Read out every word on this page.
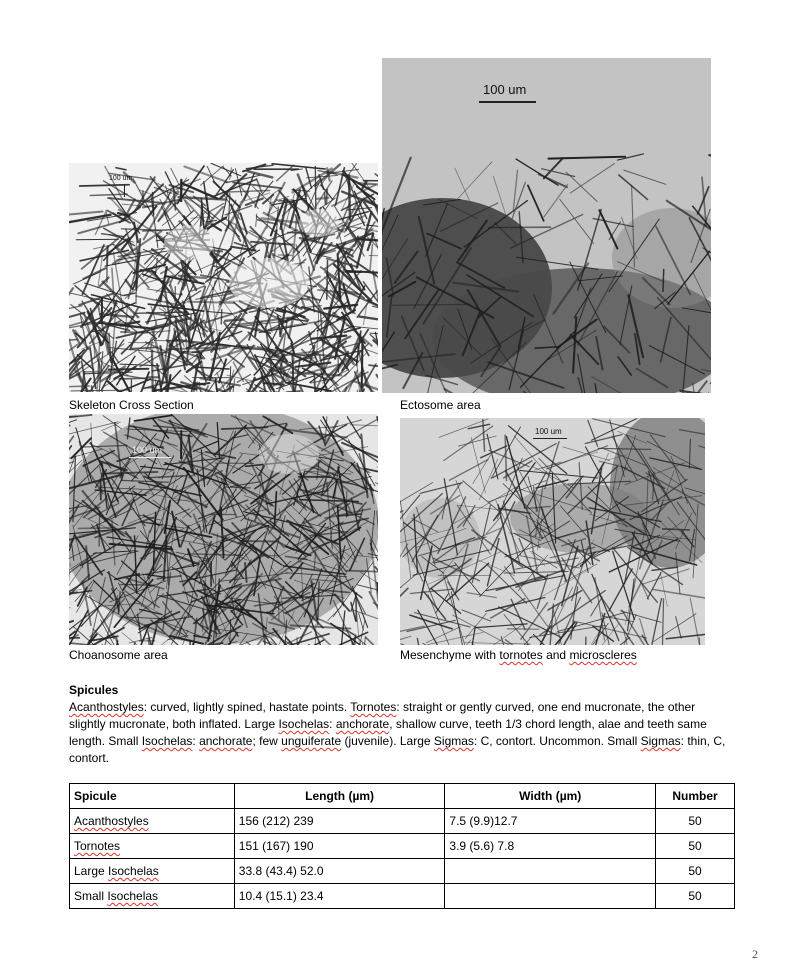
100 um
Skeleton Cross Section
100 um
Ectosome area
100 um
Choanosome area
100 um
Mesenchyme with tornotes and microscleres
Spicules
Acanthostyles: curved, lightly spined, hastate points. Tornotes: straight or gently curved, one end mucronate, the other slightly mucronate, both inflated. Large Isochelas: anchorate, shallow curve, teeth 1/3 chord length, alae and teeth same length. Small Isochelas: anchorate; few unguiferate (juvenile). Large Sigmas: C, contort. Uncommon. Small Sigmas: thin, C, contort.
Spicule	Length (µm)	Width (µm)	Number
Acanthostyles	156 (212) 239	7.5 (9.9)12.7	50
Tornotes	151 (167) 190	3.9 (5.6) 7.8	50
Large Isochelas	33.8 (43.4) 52.0		50
Small Isochelas	10.4 (15.1) 23.4		50
2
